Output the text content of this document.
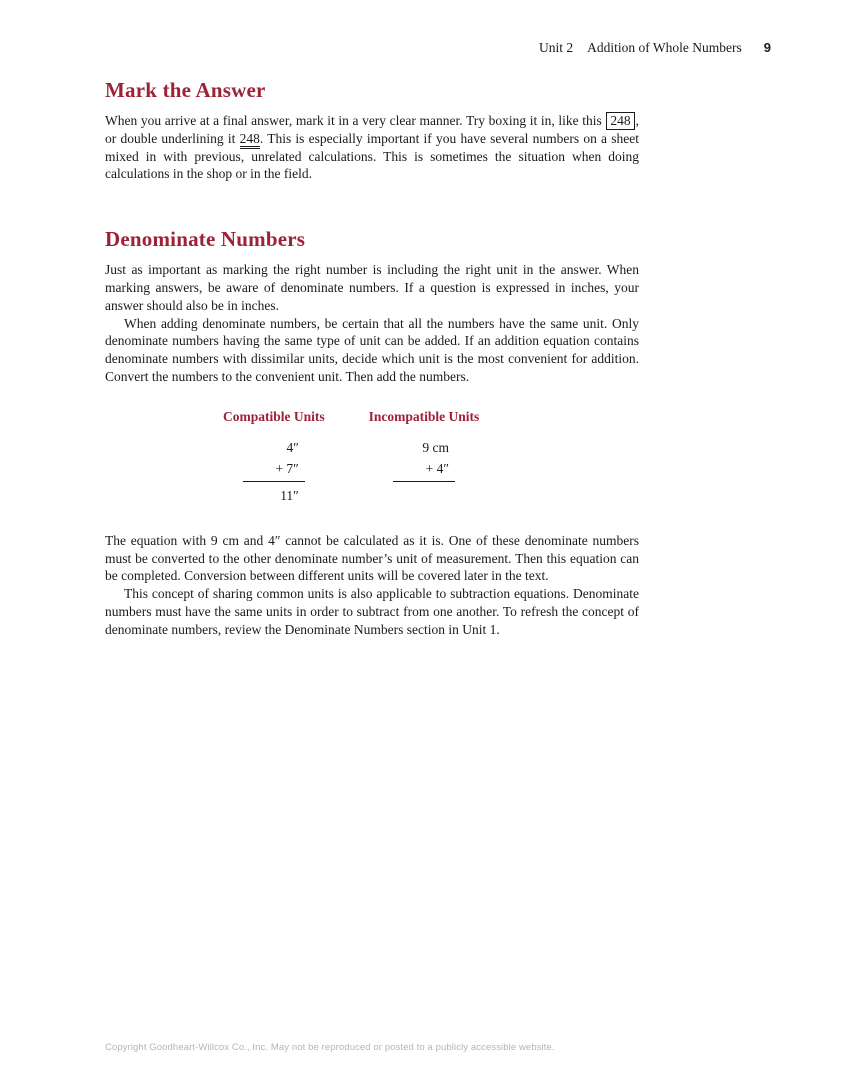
Unit 2 Addition of Whole Numbers 9
Mark the Answer

When you arrive at a final answer, mark it in a very clear manner. Try boxing it in, like this 248 , or double underlining it 248. This is especially important if you have several numbers on a sheet mixed in with previous, unrelated calculations. This is sometimes the situation when doing calculations in the shop or in the field.

Denominate Numbers

Just as important as marking the right number is including the right unit in the answer. When marking answers, be aware of denominate numbers. If a question is expressed in inches, your answer should also be in inches.

When adding denominate numbers, be certain that all the numbers have the same unit. Only denominate numbers having the same type of unit can be added. If an addition equation contains denominate numbers with dissimilar units, decide which unit is the most convenient for addition. Convert the numbers to the convenient unit. Then add the numbers.

Compatible Units
4″
+ 7″
11″
Incompatible Units
9 cm
+ 4″

The equation with 9 cm and 4″ cannot be calculated as it is. One of these denominate numbers must be converted to the other denominate number’s unit of measurement. Then this equation can be completed. Conversion between different units will be covered later in the text.

This concept of sharing common units is also applicable to subtraction equations. Denominate numbers must have the same units in order to subtract from one another. To refresh the concept of denominate numbers, review the Denominate Numbers section in Unit 1.

Copyright Goodheart-Willcox Co., Inc. May not be reproduced or posted to a publicly accessible website.
